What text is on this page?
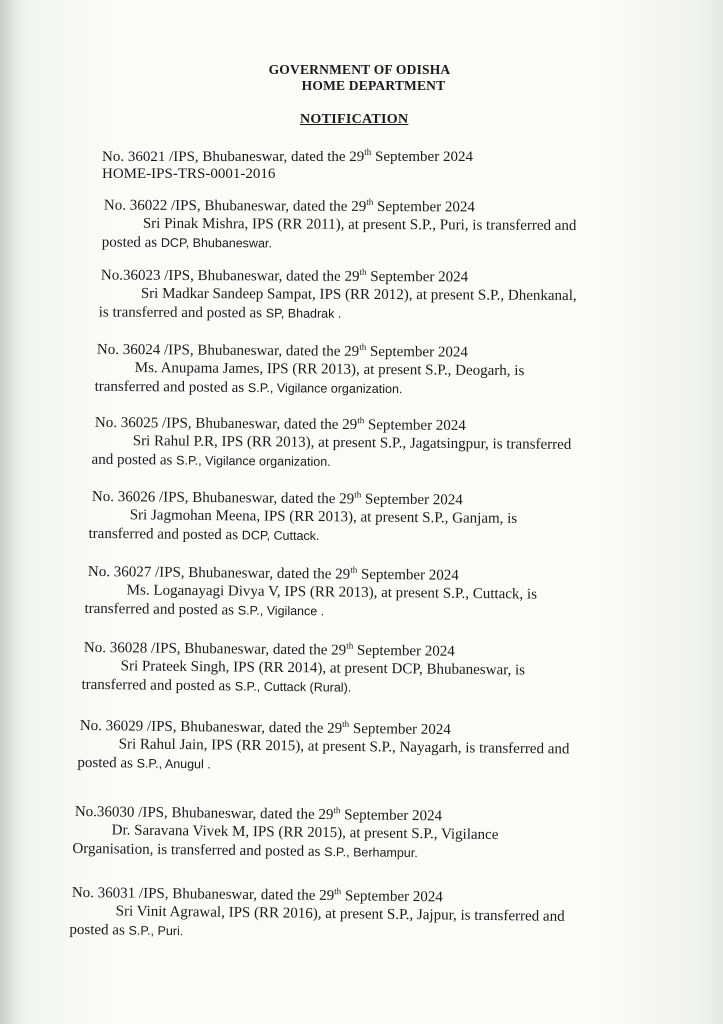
GOVERNMENT OF ODISHA
HOME DEPARTMENT
NOTIFICATION
No. 36021 /IPS, Bhubaneswar, dated the 29th September 2024
HOME-IPS-TRS-0001-2016
No. 36022 /IPS, Bhubaneswar, dated the 29th September 2024
Sri Pinak Mishra, IPS (RR 2011), at present S.P., Puri, is transferred and
posted as DCP, Bhubaneswar.
No.36023 /IPS, Bhubaneswar, dated the 29th September 2024
Sri Madkar Sandeep Sampat, IPS (RR 2012), at present S.P., Dhenkanal,
is transferred and posted as SP, Bhadrak .
No. 36024 /IPS, Bhubaneswar, dated the 29th September 2024
Ms. Anupama James, IPS (RR 2013), at present S.P., Deogarh, is
transferred and posted as S.P., Vigilance organization.
No. 36025 /IPS, Bhubaneswar, dated the 29th September 2024
Sri Rahul P.R, IPS (RR 2013), at present S.P., Jagatsingpur, is transferred
and posted as S.P., Vigilance organization.
No. 36026 /IPS, Bhubaneswar, dated the 29th September 2024
Sri Jagmohan Meena, IPS (RR 2013), at present S.P., Ganjam, is
transferred and posted as DCP, Cuttack.
No. 36027 /IPS, Bhubaneswar, dated the 29th September 2024
Ms. Loganayagi Divya V, IPS (RR 2013), at present S.P., Cuttack, is
transferred and posted as S.P., Vigilance .
No. 36028 /IPS, Bhubaneswar, dated the 29th September 2024
Sri Prateek Singh, IPS (RR 2014), at present DCP, Bhubaneswar, is
transferred and posted as S.P., Cuttack (Rural).
No. 36029 /IPS, Bhubaneswar, dated the 29th September 2024
Sri Rahul Jain, IPS (RR 2015), at present S.P., Nayagarh, is transferred and
posted as S.P., Anugul .
No.36030 /IPS, Bhubaneswar, dated the 29th September 2024
Dr. Saravana Vivek M, IPS (RR 2015), at present S.P., Vigilance
Organisation, is transferred and posted as S.P., Berhampur.
No. 36031 /IPS, Bhubaneswar, dated the 29th September 2024
Sri Vinit Agrawal, IPS (RR 2016), at present S.P., Jajpur, is transferred and
posted as S.P., Puri.
